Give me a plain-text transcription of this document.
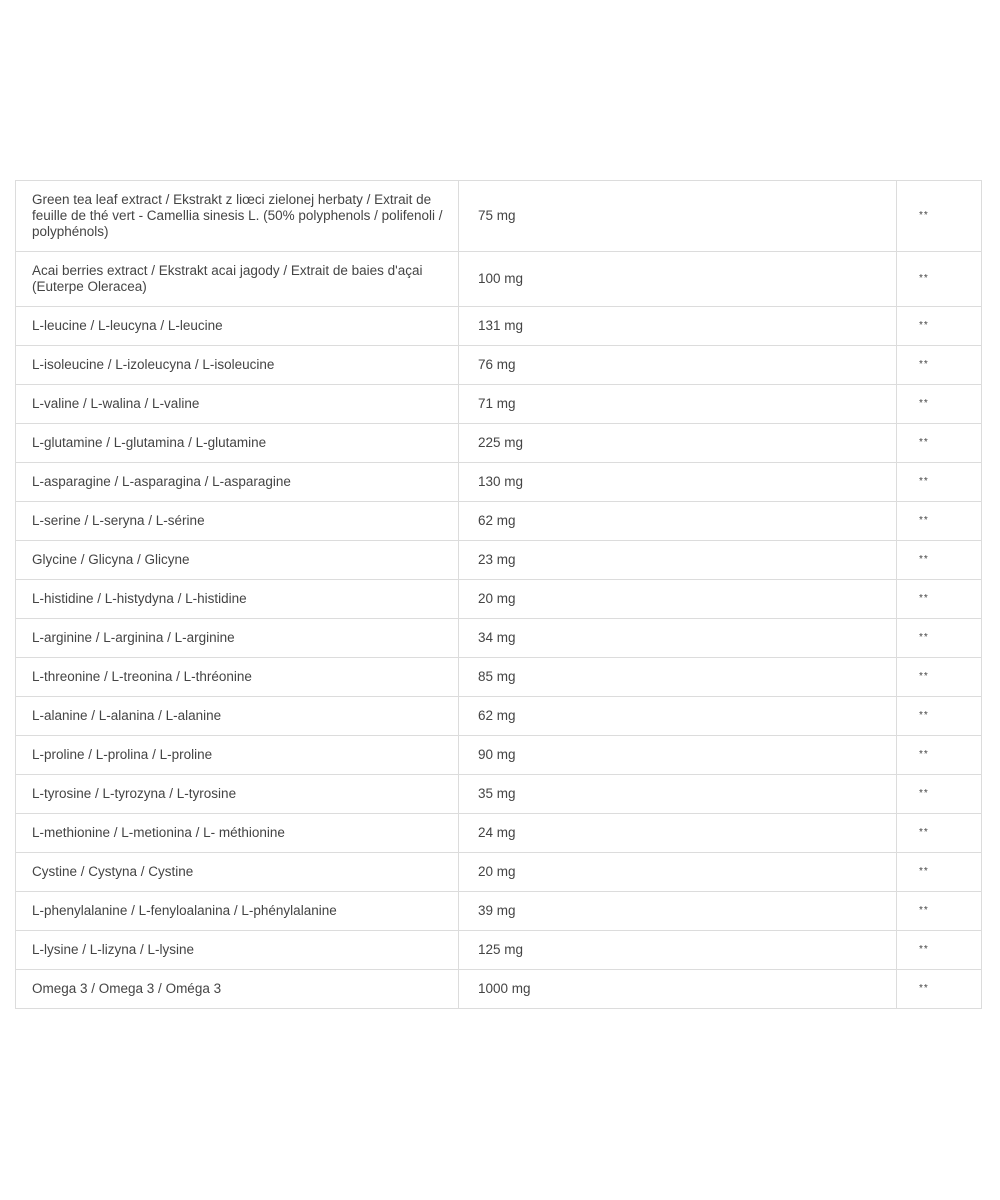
Green tea leaf extract / Ekstrakt z liœci zielonej herbaty / Extrait de feuille de thé vert - Camellia sinesis L. (50% polyphenols / polifenoli / polyphénols)	75 mg	**
Acai berries extract / Ekstrakt acai jagody / Extrait de baies d'açai (Euterpe Oleracea)	100 mg	**
L-leucine / L-leucyna / L-leucine	131 mg	**
L-isoleucine / L-izoleucyna / L-isoleucine	76 mg	**
L-valine / L-walina / L-valine	71 mg	**
L-glutamine / L-glutamina / L-glutamine	225 mg	**
L-asparagine / L-asparagina / L-asparagine	130 mg	**
L-serine / L-seryna / L-sérine	62 mg	**
Glycine / Glicyna / Glicyne	23 mg	**
L-histidine / L-histydyna / L-histidine	20 mg	**
L-arginine / L-arginina / L-arginine	34 mg	**
L-threonine / L-treonina / L-thréonine	85 mg	**
L-alanine / L-alanina / L-alanine	62 mg	**
L-proline / L-prolina / L-proline	90 mg	**
L-tyrosine / L-tyrozyna / L-tyrosine	35 mg	**
L-methionine / L-metionina / L- méthionine	24 mg	**
Cystine / Cystyna / Cystine	20 mg	**
L-phenylalanine / L-fenyloalanina / L-phénylalanine	39 mg	**
L-lysine / L-lizyna / L-lysine	125 mg	**
Omega 3 / Omega 3 / Oméga 3	1000 mg	**
